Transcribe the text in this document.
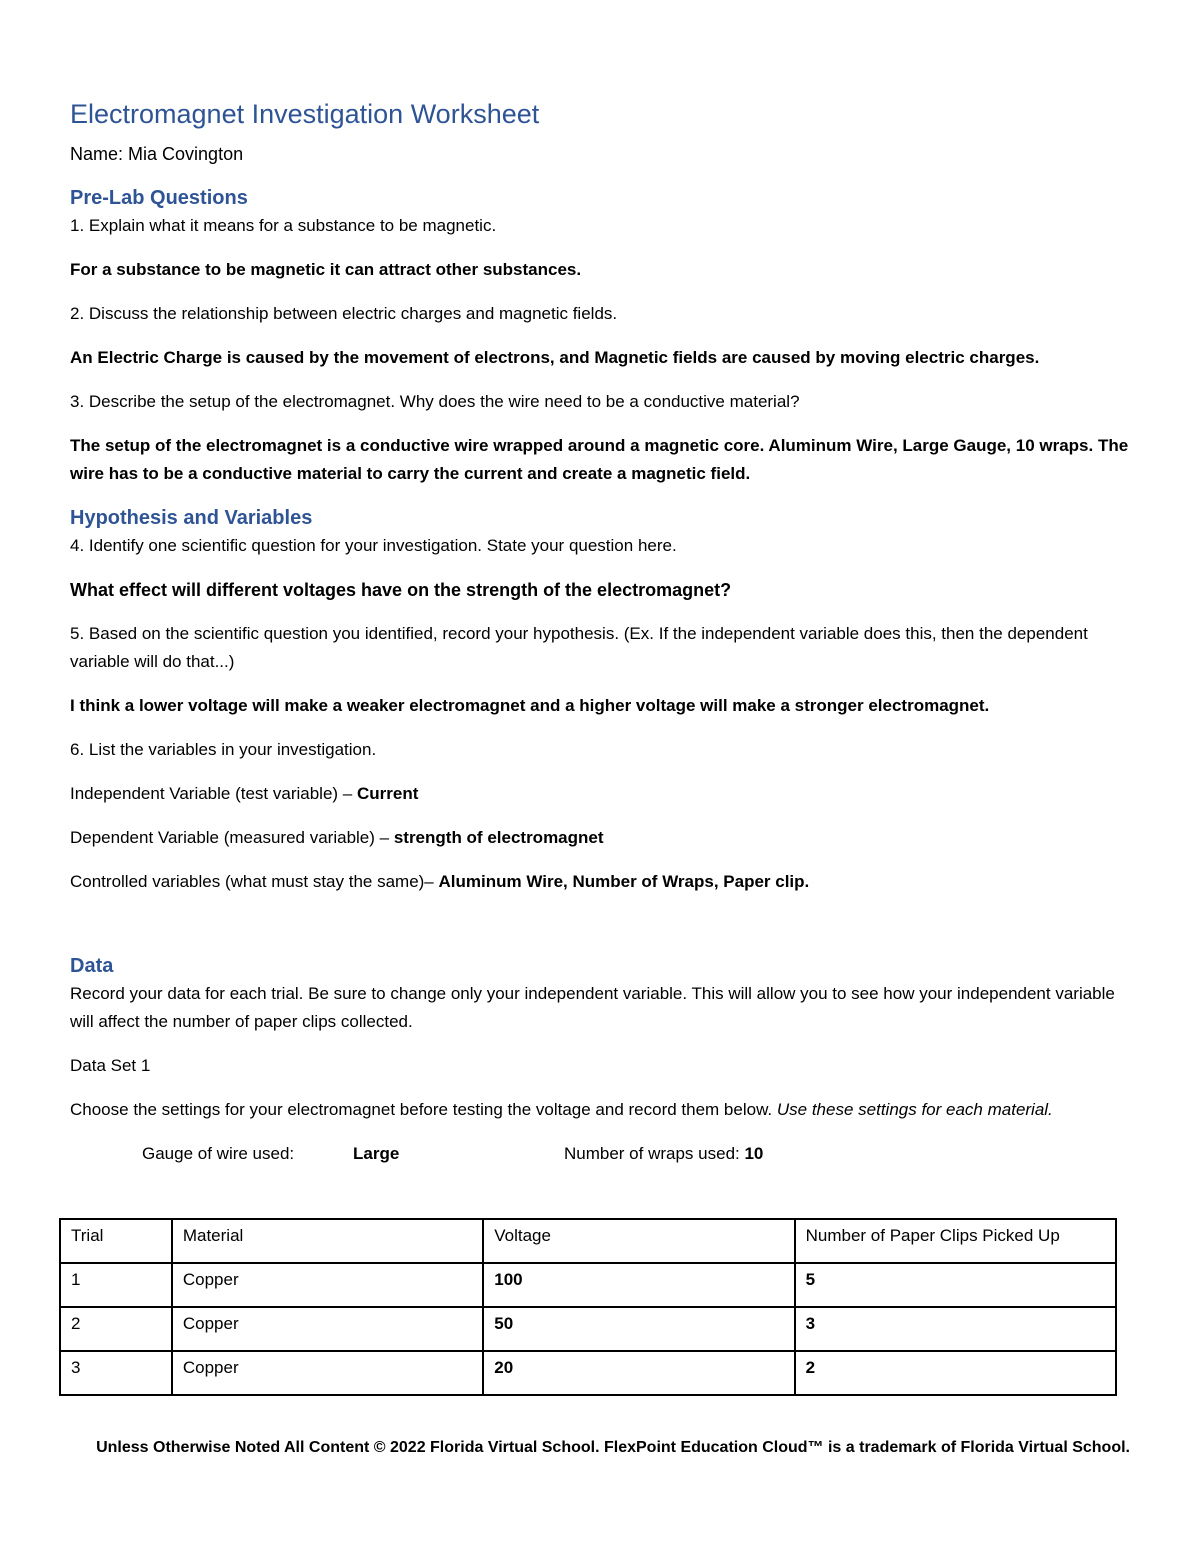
Electromagnet Investigation Worksheet
Name: Mia Covington
Pre-Lab Questions

1. Explain what it means for a substance to be magnetic.

For a substance to be magnetic it can attract other substances.

2. Discuss the relationship between electric charges and magnetic fields.

An Electric Charge is caused by the movement of electrons, and Magnetic fields are caused by moving electric charges.

3. Describe the setup of the electromagnet. Why does the wire need to be a conductive material?

The setup of the electromagnet is a conductive wire wrapped around a magnetic core. Aluminum Wire, Large Gauge, 10 wraps. The wire has to be a conductive material to carry the current and create a magnetic field.

Hypothesis and Variables

4. Identify one scientific question for your investigation. State your question here.

What effect will different voltages have on the strength of the electromagnet?

5. Based on the scientific question you identified, record your hypothesis. (Ex. If the independent variable does this, then the dependent variable will do that...)

I think a lower voltage will make a weaker electromagnet and a higher voltage will make a stronger electromagnet.

6. List the variables in your investigation.

Independent Variable (test variable) – Current

Dependent Variable (measured variable) – strength of electromagnet

Controlled variables (what must stay the same)– Aluminum Wire, Number of Wraps, Paper clip.

Data

Record your data for each trial. Be sure to change only your independent variable. This will allow you to see how your independent variable will affect the number of paper clips collected.

Data Set 1

Choose the settings for your electromagnet before testing the voltage and record them below. Use these settings for each material.

Gauge of wire used:	Large	Number of wraps used: 10
Trial	Material	Voltage	Number of Paper Clips Picked Up
1	Copper	100	5
2	Copper	50	3
3	Copper	20	2
Unless Otherwise Noted All Content © 2022 Florida Virtual School. FlexPoint Education Cloud™ is a trademark of Florida Virtual School.
